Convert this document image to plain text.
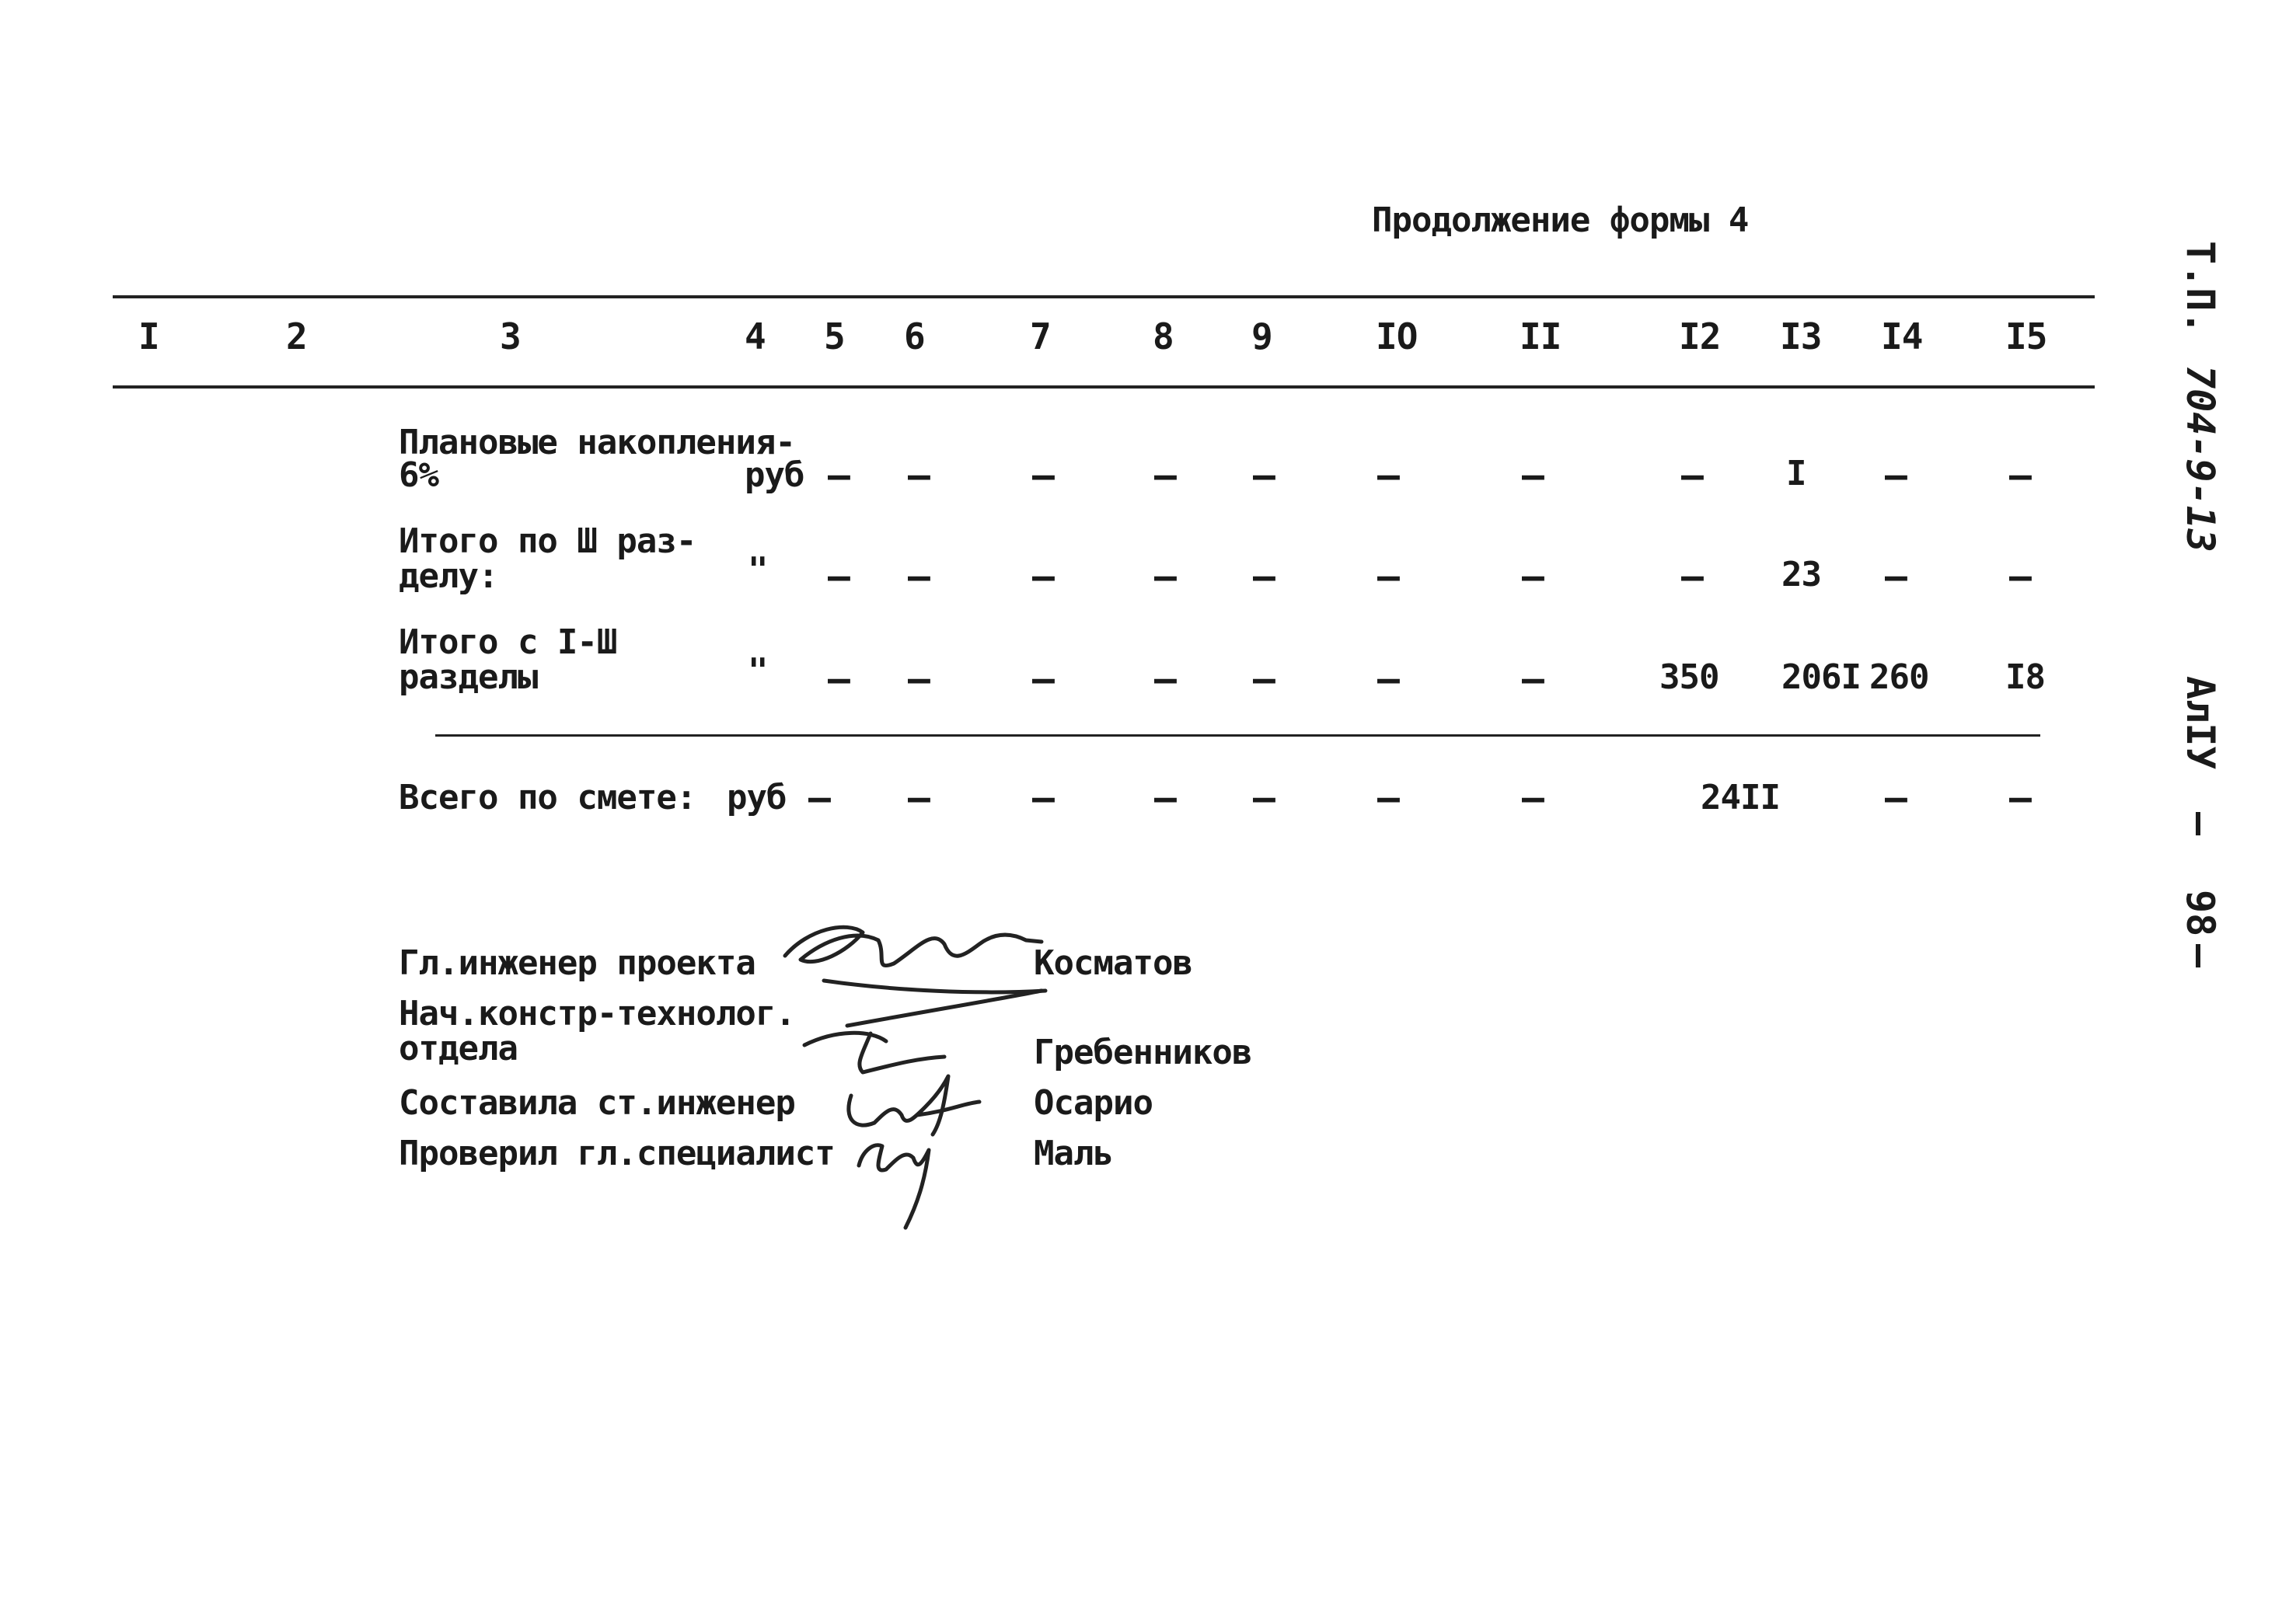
Продолжение формы 4
I	2	3	4 5 6	7	8 9	IO	II	I2 I3 I4 I5
Плановые накопления-
6%	руб – –	–	– –	–	–	– I –	–
Итого по Ш раз-
делу:	" – –	–	– –	–	–	– 23 –	–
Итого с I-Ш
разделы	" – –	–	– –	–	–	350 206I 260 I8
Всего по смете: руб – –	–	– –	–	–	24II	–	–
Гл.инженер проекта	Косматов
Нач.констр-технолог.
отдела	Гребенников
Составила ст.инженер	Осарио
Проверил гл.специалист	Маль
Т.П.
704-9-13
АлIУ
—
98
—
